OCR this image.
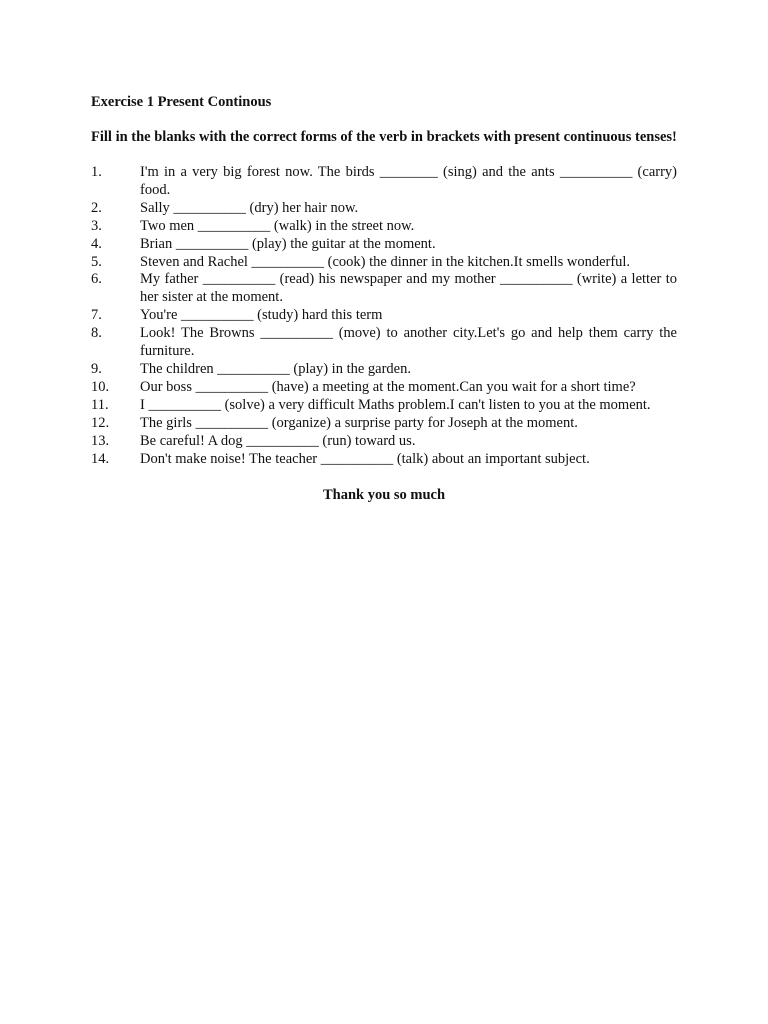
Exercise 1 Present Continous

Fill in the blanks with the correct forms of the verb in brackets with present continuous tenses!

1.	I'm in a very big forest now. The birds ________ (sing) and the ants __________ (carry) food.
2.	Sally __________ (dry) her hair now.
3.	Two men __________ (walk) in the street now.
4.	Brian __________ (play) the guitar at the moment.
5.	Steven and Rachel __________ (cook) the dinner in the kitchen.It smells wonderful.
6.	My father __________ (read) his newspaper and my mother __________ (write) a letter to her sister at the moment.
7.	You're __________ (study) hard this term
8.	Look! The Browns __________ (move) to another city.Let's go and help them carry the furniture.
9.	The children __________ (play) in the garden.
10.	Our boss __________ (have) a meeting at the moment.Can you wait for a short time?
11.	I __________ (solve) a very difficult Maths problem.I can't listen to you at the moment.
12.	The girls __________ (organize) a surprise party for Joseph at the moment.
13.	Be careful! A dog __________ (run) toward us.
14.	Don't make noise! The teacher __________ (talk) about an important subject.

Thank you so much
